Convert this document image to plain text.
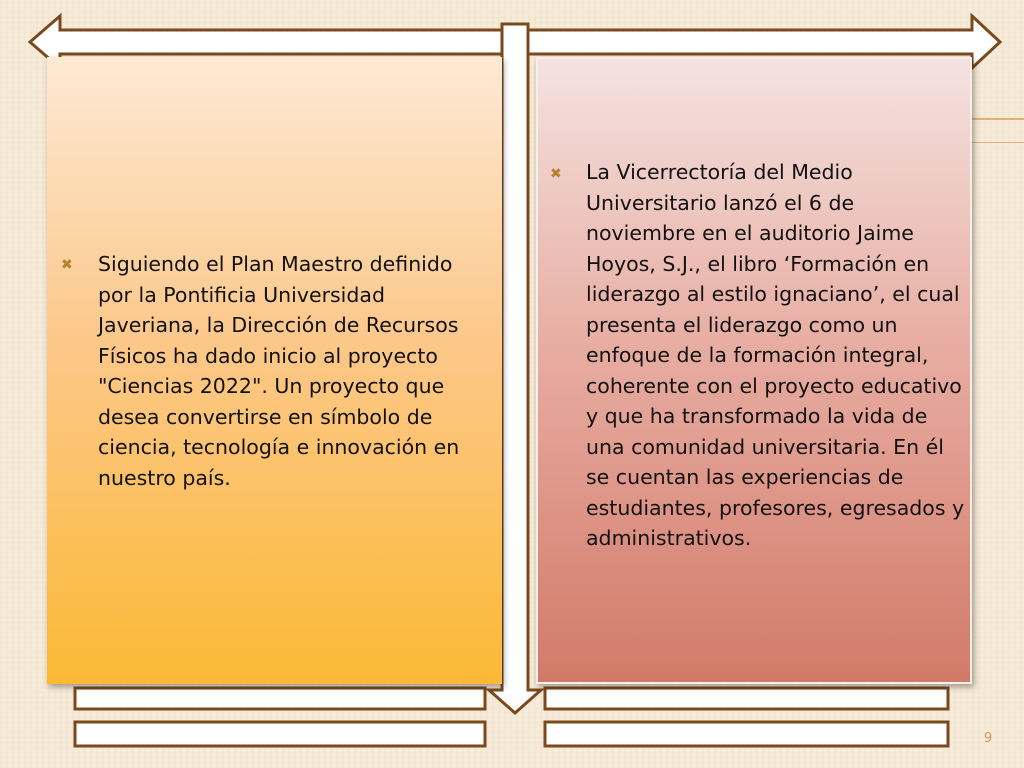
✖ Siguiendo el Plan Maestro definido por la Pontificia Universidad Javeriana, la Dirección de Recursos Físicos ha dado inicio al proyecto "Ciencias 2022". Un proyecto que desea convertirse en símbolo de ciencia, tecnología e innovación en nuestro país.
✖ La Vicerrectoría del Medio Universitario lanzó el 6 de noviembre en el auditorio Jaime Hoyos, S.J., el libro ‘Formación en liderazgo al estilo ignaciano’, el cual presenta el liderazgo como un enfoque de la formación integral, coherente con el proyecto educativo y que ha transformado la vida de una comunidad universitaria. En él se cuentan las experiencias de estudiantes, profesores, egresados y administrativos.
9
